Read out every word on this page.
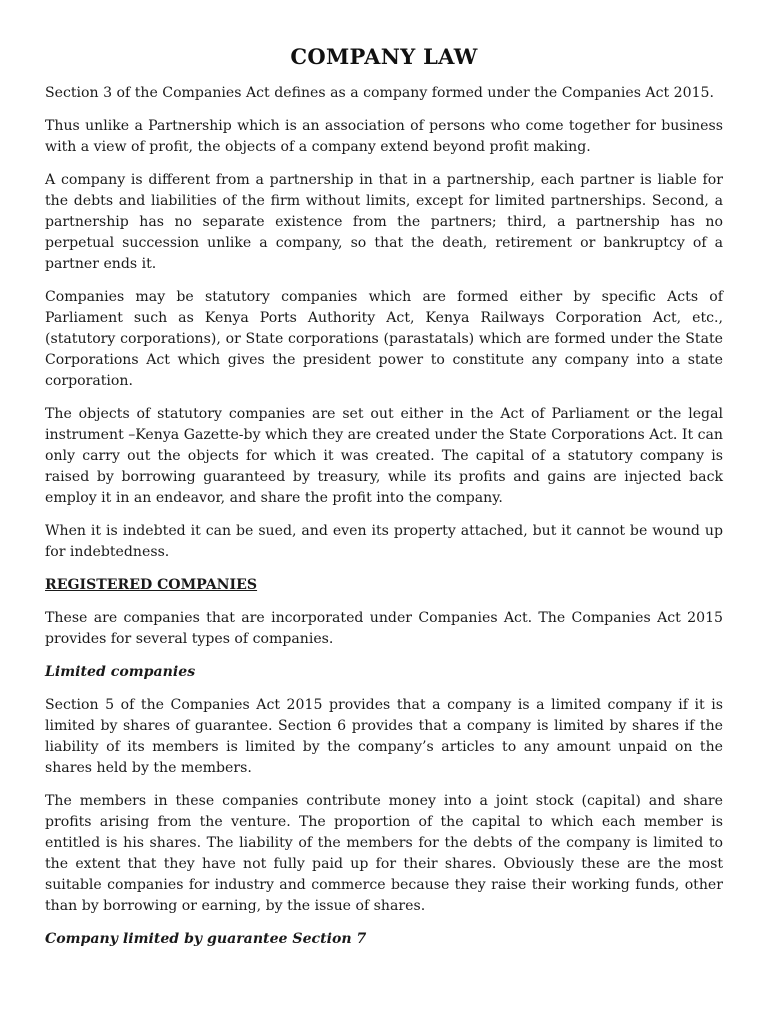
COMPANY LAW

Section 3 of the Companies Act defines as a company formed under the Companies Act 2015.

Thus unlike a Partnership which is an association of persons who come together for business with a view of profit, the objects of a company extend beyond profit making.

A company is different from a partnership in that in a partnership, each partner is liable for the debts and liabilities of the firm without limits, except for limited partnerships. Second, a partnership has no separate existence from the partners; third, a partnership has no perpetual succession unlike a company, so that the death, retirement or bankruptcy of a partner ends it.

Companies may be statutory companies which are formed either by specific Acts of Parliament such as Kenya Ports Authority Act, Kenya Railways Corporation Act, etc., (statutory corporations), or State corporations (parastatals) which are formed under the State Corporations Act which gives the president power to constitute any company into a state corporation.

The objects of statutory companies are set out either in the Act of Parliament or the legal instrument –Kenya Gazette-by which they are created under the State Corporations Act. It can only carry out the objects for which it was created. The capital of a statutory company is raised by borrowing guaranteed by treasury, while its profits and gains are injected back employ it in an endeavor, and share the profit into the company.

When it is indebted it can be sued, and even its property attached, but it cannot be wound up for indebtedness.

REGISTERED COMPANIES

These are companies that are incorporated under Companies Act. The Companies Act 2015 provides for several types of companies.

Limited companies

Section 5 of the Companies Act 2015 provides that a company is a limited company if it is limited by shares of guarantee. Section 6 provides that a company is limited by shares if the liability of its members is limited by the company’s articles to any amount unpaid on the shares held by the members.

The members in these companies contribute money into a joint stock (capital) and share profits arising from the venture. The proportion of the capital to which each member is entitled is his shares. The liability of the members for the debts of the company is limited to the extent that they have not fully paid up for their shares. Obviously these are the most suitable companies for industry and commerce because they raise their working funds, other than by borrowing or earning, by the issue of shares.

Company limited by guarantee Section 7
